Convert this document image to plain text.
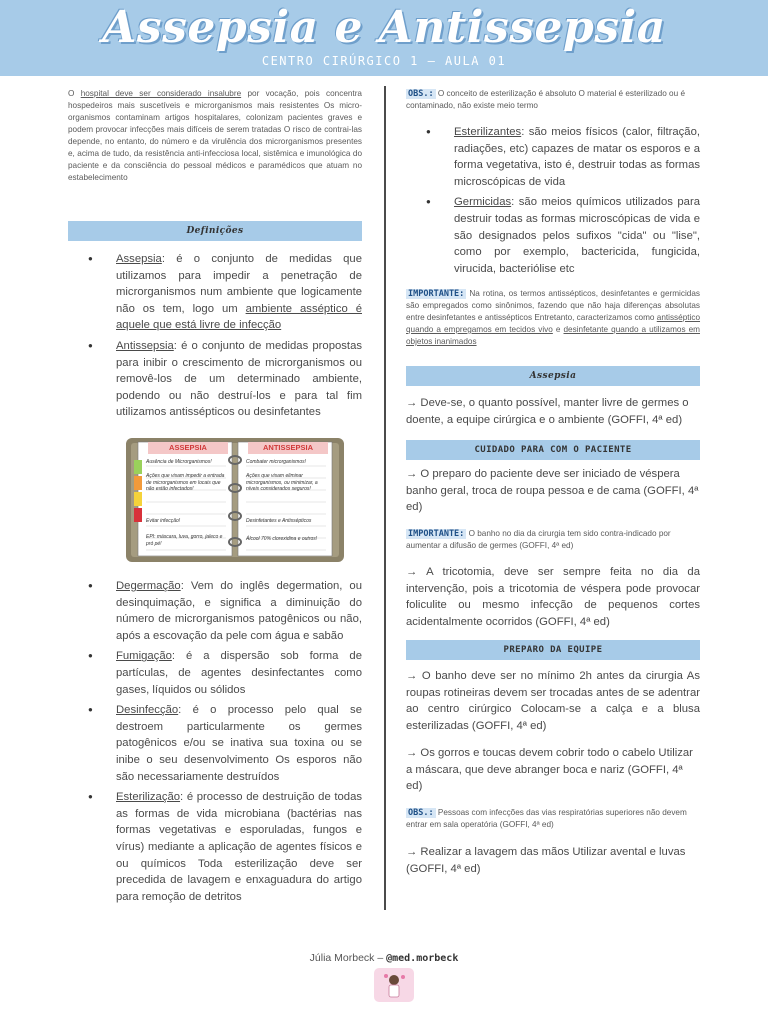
Assepsia e Antissepsia
CENTRO CIRÚRGICO 1 – AULA 01
O hospital deve ser considerado insalubre por vocação, pois concentra hospedeiros mais suscetíveis e microrganismos mais resistentes Os micro-organismos contaminam artigos hospitalares, colonizam pacientes graves e podem provocar infecções mais difíceis de serem tratadas O risco de contrai-las depende, no entanto, do número e da virulência dos microrganismos presentes e, acima de tudo, da resistência anti-infecciosa local, sistêmica e imunológica do paciente e da consciência do pessoal médicos e paramédicos que atuam no estabelecimento
Definições
● Assepsia: é o conjunto de medidas que utilizamos para impedir a penetração de microrganismos num ambiente que logicamente não os tem, logo um ambiente asséptico é aquele que está livre de infecção
● Antissepsia: é o conjunto de medidas propostas para inibir o crescimento de microrganismos ou removê-los de um determinado ambiente, podendo ou não destruí-los e para tal fim utilizamos antissépticos ou desinfetantes
ASSEPSIA	ANTISSEPSIA
Ausência de Microrganismos!
Ações que visam impedir a entrada de microrganismos em locais que não estão infectados!
Evitar infecção!
EPI: máscara, luva, gorro, jaleco e pró pé!
Combater microrganismos!
Ações que visam eliminar microrganismos, ou minimizar, a níveis considerados seguros!
Desinfetantes e Antissépticos
Álcool 70% clorexidina e outros!
● Degermação: Vem do inglês degermation, ou desinquimação, e significa a diminuição do número de microrganismos patogênicos ou não, após a escovação da pele com água e sabão
● Fumigação: é a dispersão sob forma de partículas, de agentes desinfectantes como gases, líquidos ou sólidos
● Desinfecção: é o processo pelo qual se destroem particularmente os germes patogênicos e/ou se inativa sua toxina ou se inibe o seu desenvolvimento Os esporos não são necessariamente destruídos
● Esterilização: é processo de destruição de todas as formas de vida microbiana (bactérias nas formas vegetativas e esporuladas, fungos e vírus) mediante a aplicação de agentes físicos e ou químicos Toda esterilização deve ser precedida de lavagem e enxaguadura do artigo para remoção de detritos
OBS.: O conceito de esterilização é absoluto O material é esterilizado ou é contaminado, não existe meio termo
● Esterilizantes: são meios físicos (calor, filtração, radiações, etc) capazes de matar os esporos e a forma vegetativa, isto é, destruir todas as formas microscópicas de vida
● Germicidas: são meios químicos utilizados para destruir todas as formas microscópicas de vida e são designados pelos sufixos "cida" ou "lise", como por exemplo, bactericida, fungicida, virucida, bacteriólise etc
IMPORTANTE: Na rotina, os termos antissépticos, desinfetantes e germicidas são empregados como sinônimos, fazendo que não haja diferenças absolutas entre desinfetantes e antissépticos Entretanto, caracterizamos como antisséptico quando a empregamos em tecidos vivo e desinfetante quando a utilizamos em objetos inanimados
Assepsia
→ Deve-se, o quanto possível, manter livre de germes o doente, a equipe cirúrgica e o ambiente (GOFFI, 4ª ed)
CUIDADO PARA COM O PACIENTE
→ O preparo do paciente deve ser iniciado de véspera banho geral, troca de roupa pessoa e de cama (GOFFI, 4ª ed)
IMPORTANTE: O banho no dia da cirurgia tem sido contra-indicado por aumentar a difusão de germes (GOFFI, 4ª ed)
→ A tricotomia, deve ser sempre feita no dia da intervenção, pois a tricotomia de véspera pode provocar foliculite ou mesmo infecção de pequenos cortes acidentalmente ocorridos (GOFFI, 4ª ed)
PREPARO DA EQUIPE
→ O banho deve ser no mínimo 2h antes da cirurgia As roupas rotineiras devem ser trocadas antes de se adentrar ao centro cirúrgico Colocam-se a calça e a blusa esterilizadas (GOFFI, 4ª ed)
→ Os gorros e toucas devem cobrir todo o cabelo Utilizar a máscara, que deve abranger boca e nariz (GOFFI, 4ª ed)
OBS.: Pessoas com infecções das vias respiratórias superiores não devem entrar em sala operatória (GOFFI, 4ª ed)
→ Realizar a lavagem das mãos Utilizar avental e luvas (GOFFI, 4ª ed)
Júlia Morbeck – @med.morbeck
